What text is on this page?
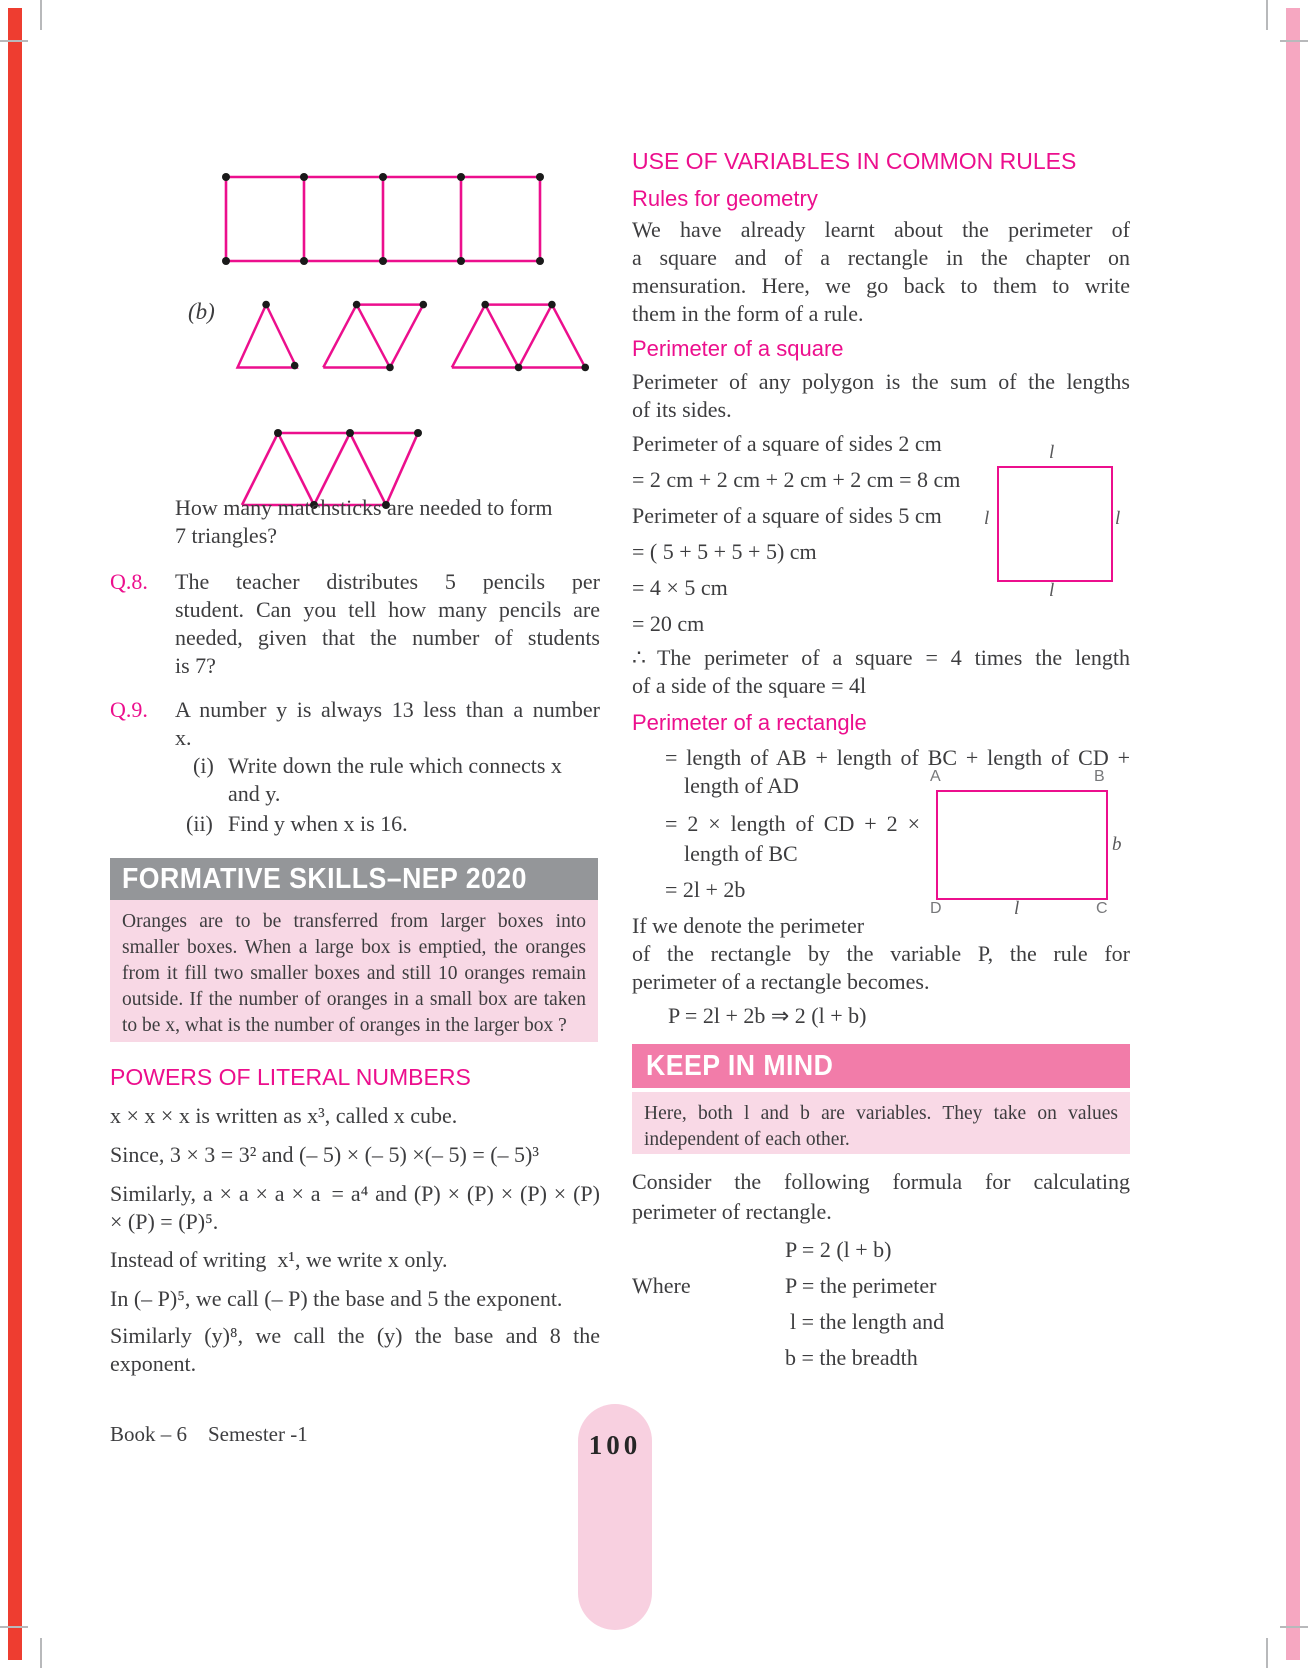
(b)
How many matchsticks are needed to form
7 triangles?
Q.8. The teacher distributes 5 pencils per
student. Can you tell how many pencils are
needed, given that the number of students
is 7?
Q.9. A number y is always 13 less than a number
x.
(i) Write down the rule which connects x
and y.
(ii) Find y when x is 16.
FORMATIVE SKILLS–NEP 2020
Oranges are to be transferred from larger boxes into
smaller boxes. When a large box is emptied, the oranges
from it fill two smaller boxes and still 10 oranges remain
outside. If the number of oranges in a small box are taken
to be x, what is the number of oranges in the larger box ?
POWERS OF LITERAL NUMBERS
x × x × x is written as x³, called x cube.
Since, 3 × 3 = 3² and (– 5) × (– 5) ×(– 5) = (– 5)³
Similarly, a × a × a × a = a⁴ and (P) × (P) × (P) × (P)
× (P) = (P)⁵.
Instead of writing x¹, we write x only.
In (– P)⁵, we call (– P) the base and 5 the exponent.
Similarly (y)⁸, we call the (y) the base and 8 the
exponent.
Book – 6 Semester -1	100
USE OF VARIABLES IN COMMON RULES
Rules for geometry
We have already learnt about the perimeter of
a square and of a rectangle in the chapter on
mensuration. Here, we go back to them to write
them in the form of a rule.
Perimeter of a square
Perimeter of any polygon is the sum of the lengths
of its sides.
Perimeter of a square of sides 2 cm
= 2 cm + 2 cm + 2 cm + 2 cm = 8 cm
Perimeter of a square of sides 5 cm
= ( 5 + 5 + 5 + 5) cm
= 4 × 5 cm
= 20 cm
l
l	l
l
∴ The perimeter of a square = 4 times the length
of a side of the square = 4l
Perimeter of a rectangle
= length of AB + length of BC + length of CD +
length of AD
= 2 × length of CD + 2 ×
length of BC
= 2l + 2b
A	B
D	C
l
b
If we denote the perimeter
of the rectangle by the variable P, the rule for
perimeter of a rectangle becomes.
P = 2l + 2b ⇒ 2 (l + b)
KEEP IN MIND
Here, both l and b are variables. They take on values
independent of each other.
Consider the following formula for calculating
perimeter of rectangle.
P = 2 (l + b)
Where	P = the perimeter
l = the length and
b = the breadth
